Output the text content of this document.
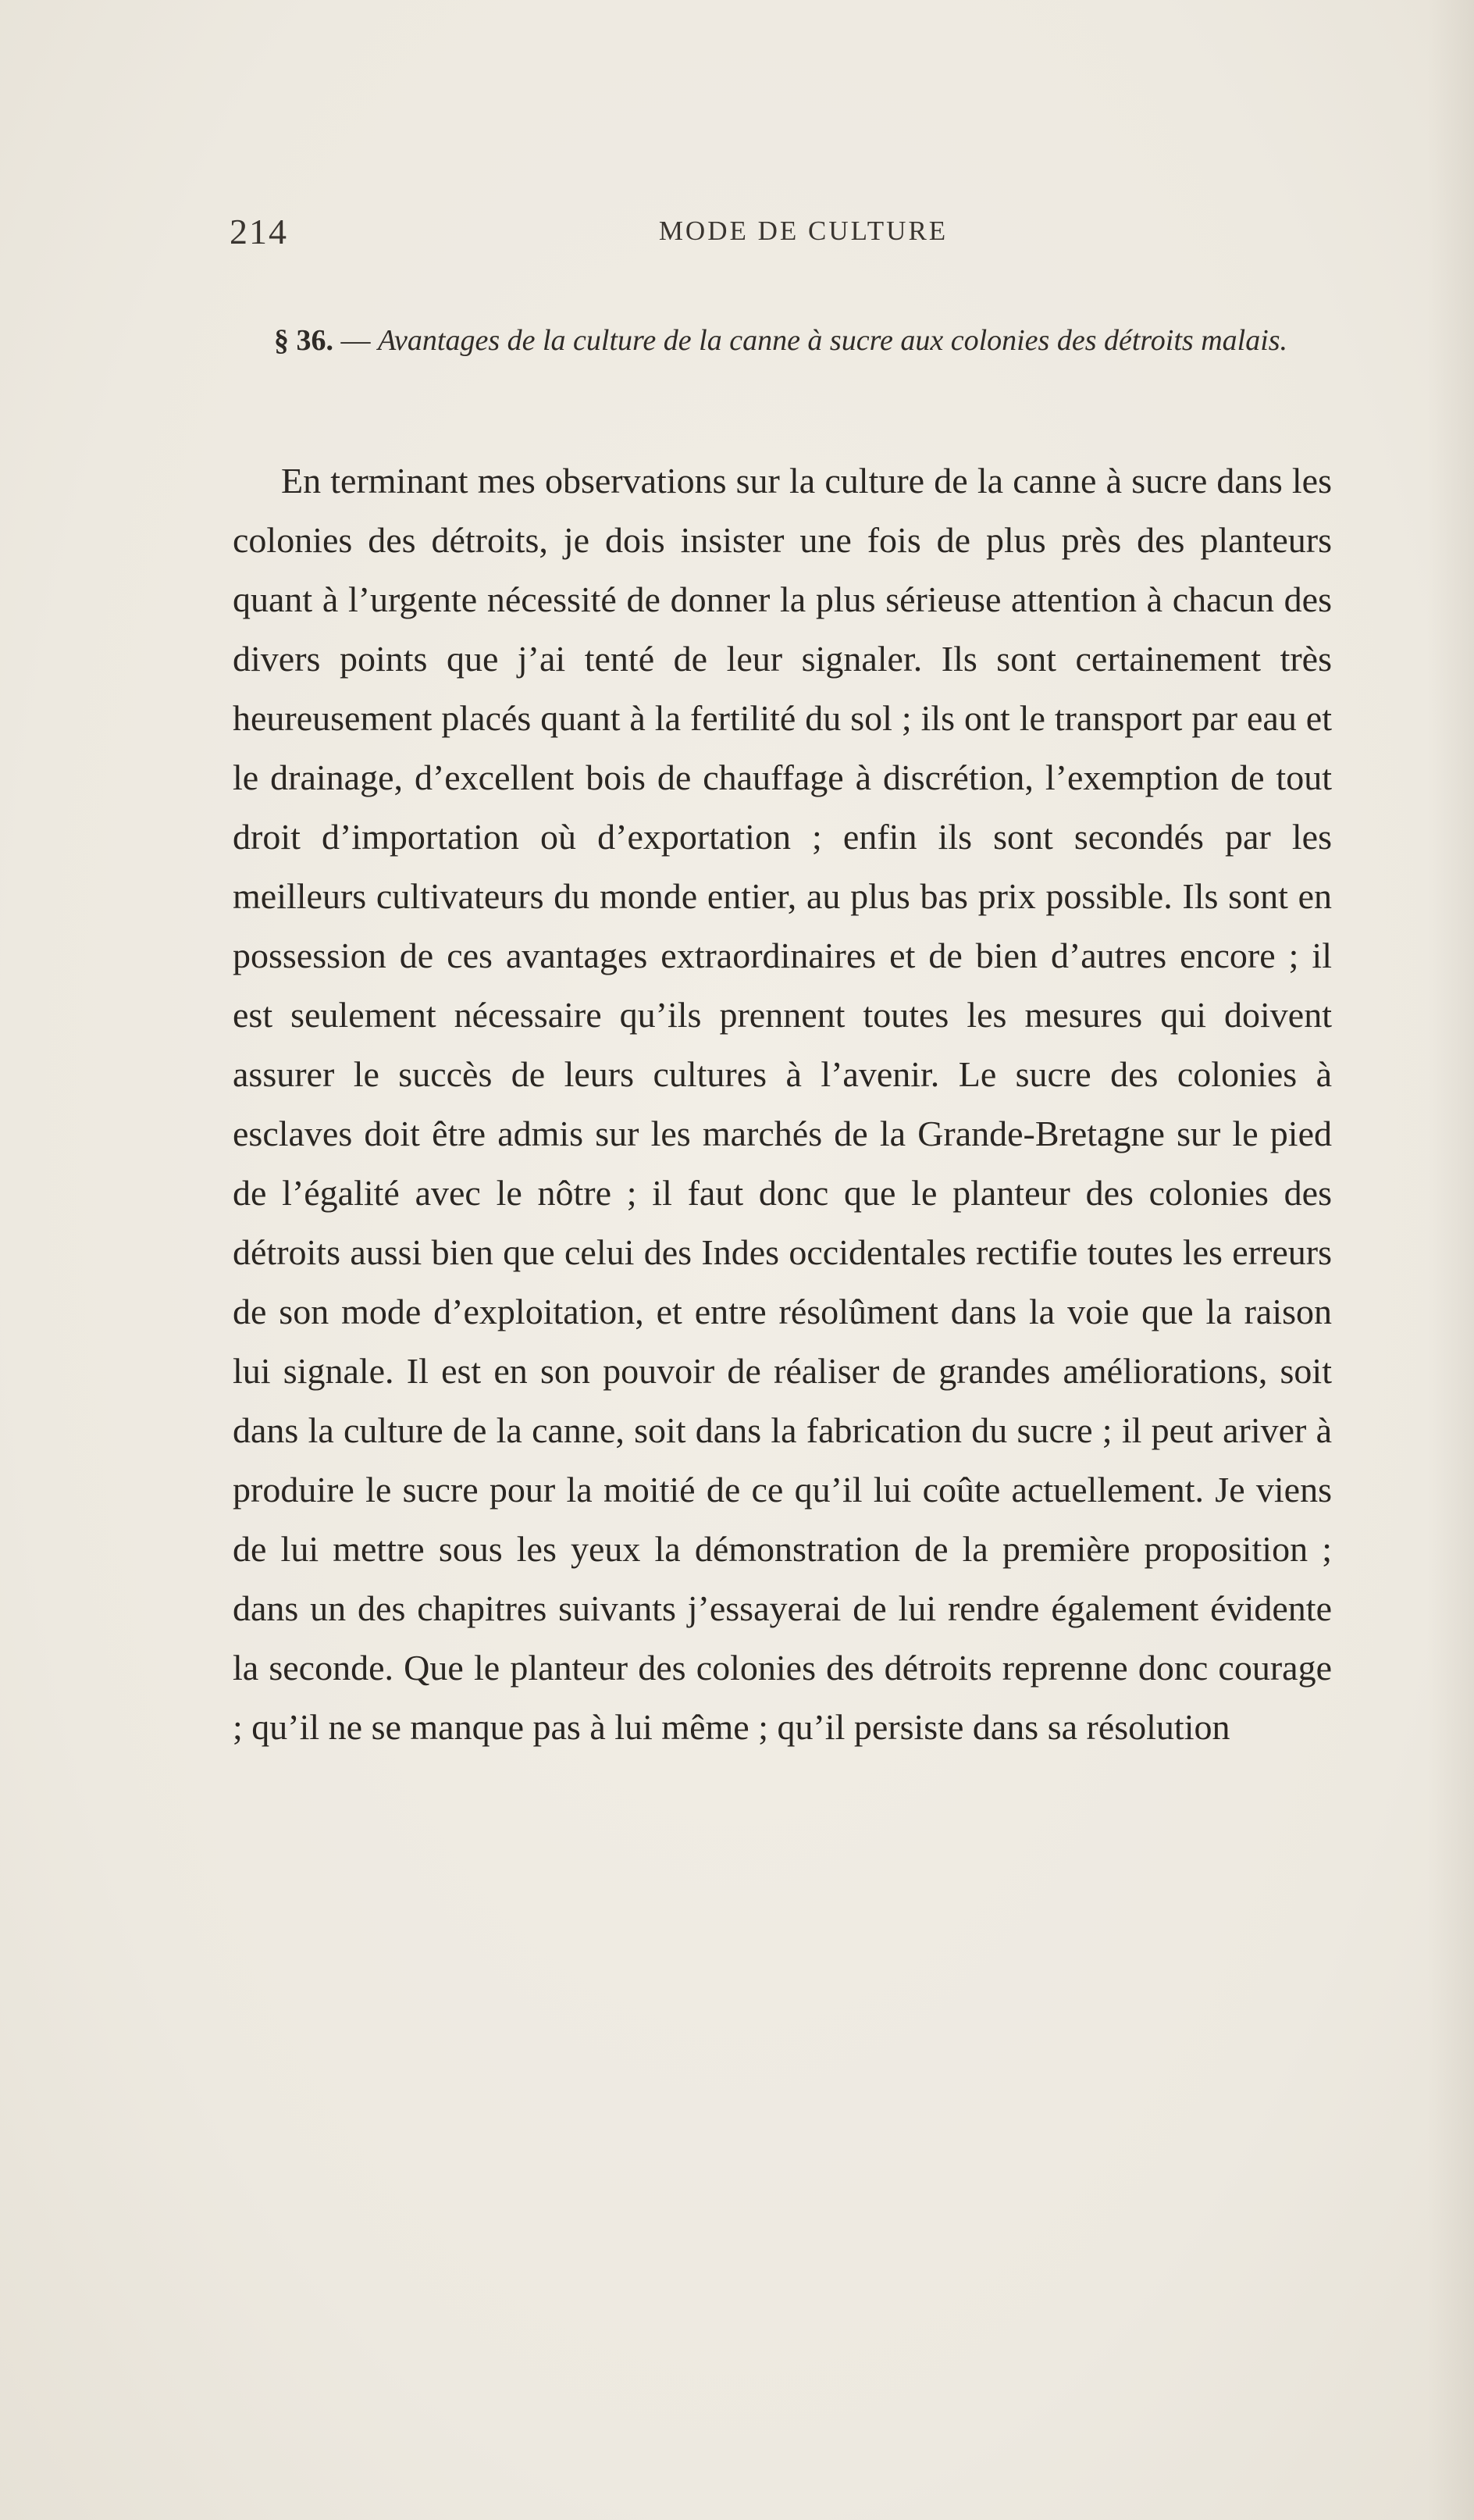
214	MODE DE CULTURE
§ 36. — Avantages de la culture de la canne à sucre aux colonies des détroits malais.

En terminant mes observations sur la culture de la canne à sucre dans les colonies des détroits, je dois insister une fois de plus près des planteurs quant à l’urgente nécessité de donner la plus sérieuse attention à chacun des divers points que j’ai tenté de leur signaler. Ils sont certainement très heureusement placés quant à la fertilité du sol ; ils ont le transport par eau et le drainage, d’excellent bois de chauffage à discrétion, l’exemption de tout droit d’importation où d’exportation ; enfin ils sont secondés par les meilleurs cultivateurs du monde entier, au plus bas prix possible. Ils sont en possession de ces avantages extraordinaires et de bien d’autres encore ; il est seulement nécessaire qu’ils prennent toutes les mesures qui doivent assurer le succès de leurs cultures à l’avenir. Le sucre des colonies à esclaves doit être admis sur les marchés de la Grande-Bretagne sur le pied de l’égalité avec le nôtre ; il faut donc que le planteur des colonies des détroits aussi bien que celui des Indes occidentales rectifie toutes les erreurs de son mode d’exploitation, et entre résolûment dans la voie que la raison lui signale. Il est en son pouvoir de réaliser de grandes améliorations, soit dans la culture de la canne, soit dans la fabrication du sucre ; il peut ariver à produire le sucre pour la moitié de ce qu’il lui coûte actuellement. Je viens de lui mettre sous les yeux la démonstration de la première proposition ; dans un des chapitres suivants j’essayerai de lui rendre également évidente la seconde. Que le planteur des colonies des détroits reprenne donc courage ; qu’il ne se manque pas à lui même ; qu’il persiste dans sa résolution
